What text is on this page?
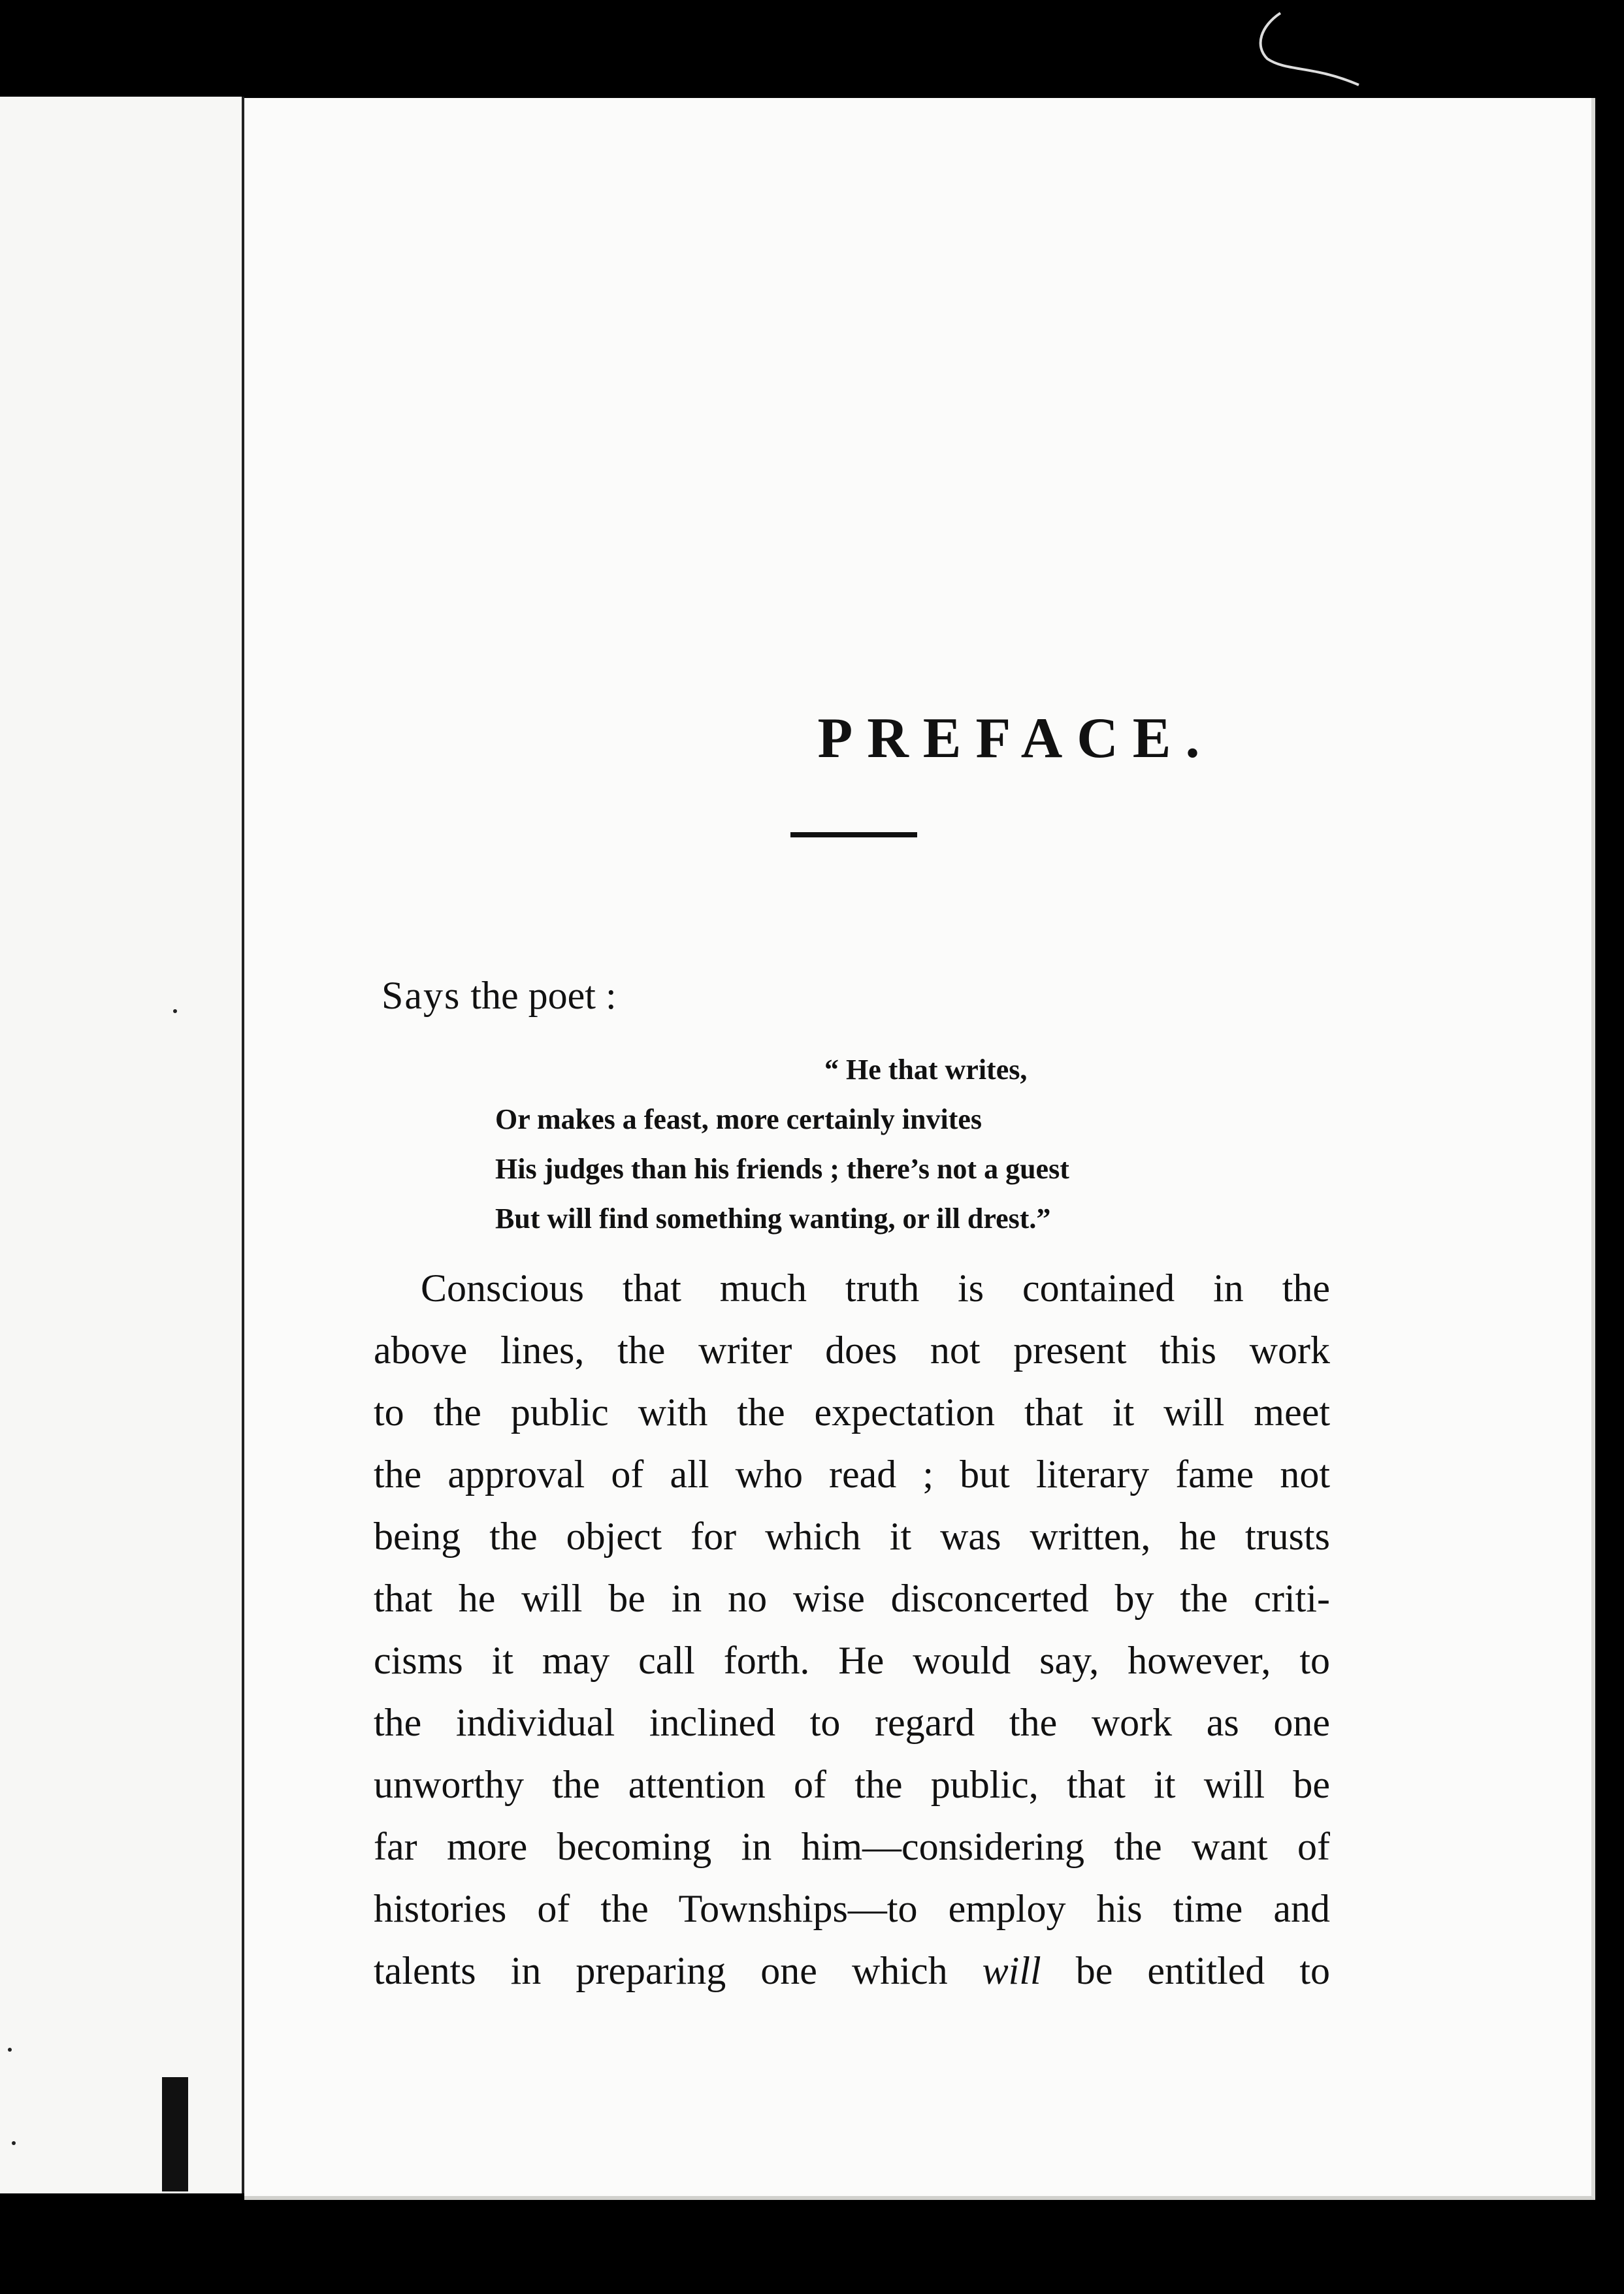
PREFACE.

Says the poet :

“ He that writes,
Or makes a feast, more certainly invites
His judges than his friends ; there’s not a guest
But will find something wanting, or ill drest.”

Conscious that much truth is contained in the
above lines, the writer does not present this work
to the public with the expectation that it will meet
the approval of all who read ; but literary fame not
being the object for which it was written, he trusts
that he will be in no wise disconcerted by the criti-
cisms it may call forth. He would say, however, to
the individual inclined to regard the work as one
unworthy the attention of the public, that it will be
far more becoming in him—considering the want of
histories of the Townships—to employ his time and
talents in preparing one which will be entitled to
